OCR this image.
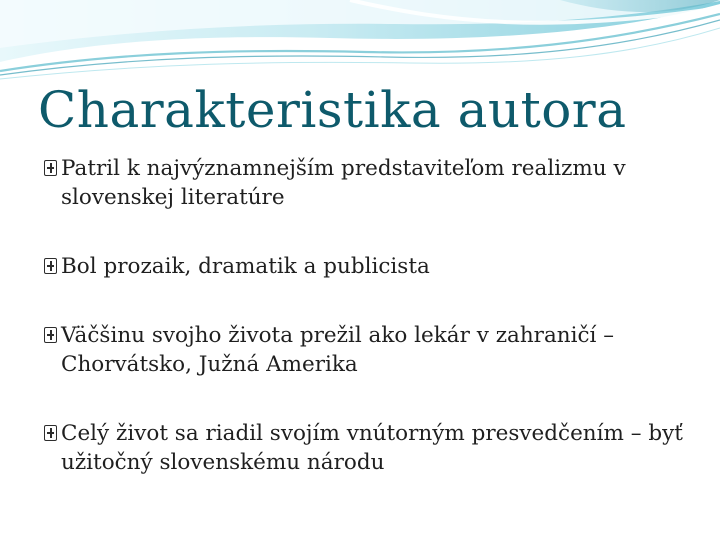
Charakteristika autora
Patril k najvýznamnejším predstaviteľom realizmu v slovenskej literatúre
Bol prozaik, dramatik a publicista
Väčšinu svojho života prežil ako lekár v zahraničí – Chorvátsko, Južná Amerika
Celý život sa riadil svojím vnútorným presvedčením – byť užitočný slovenskému národu
